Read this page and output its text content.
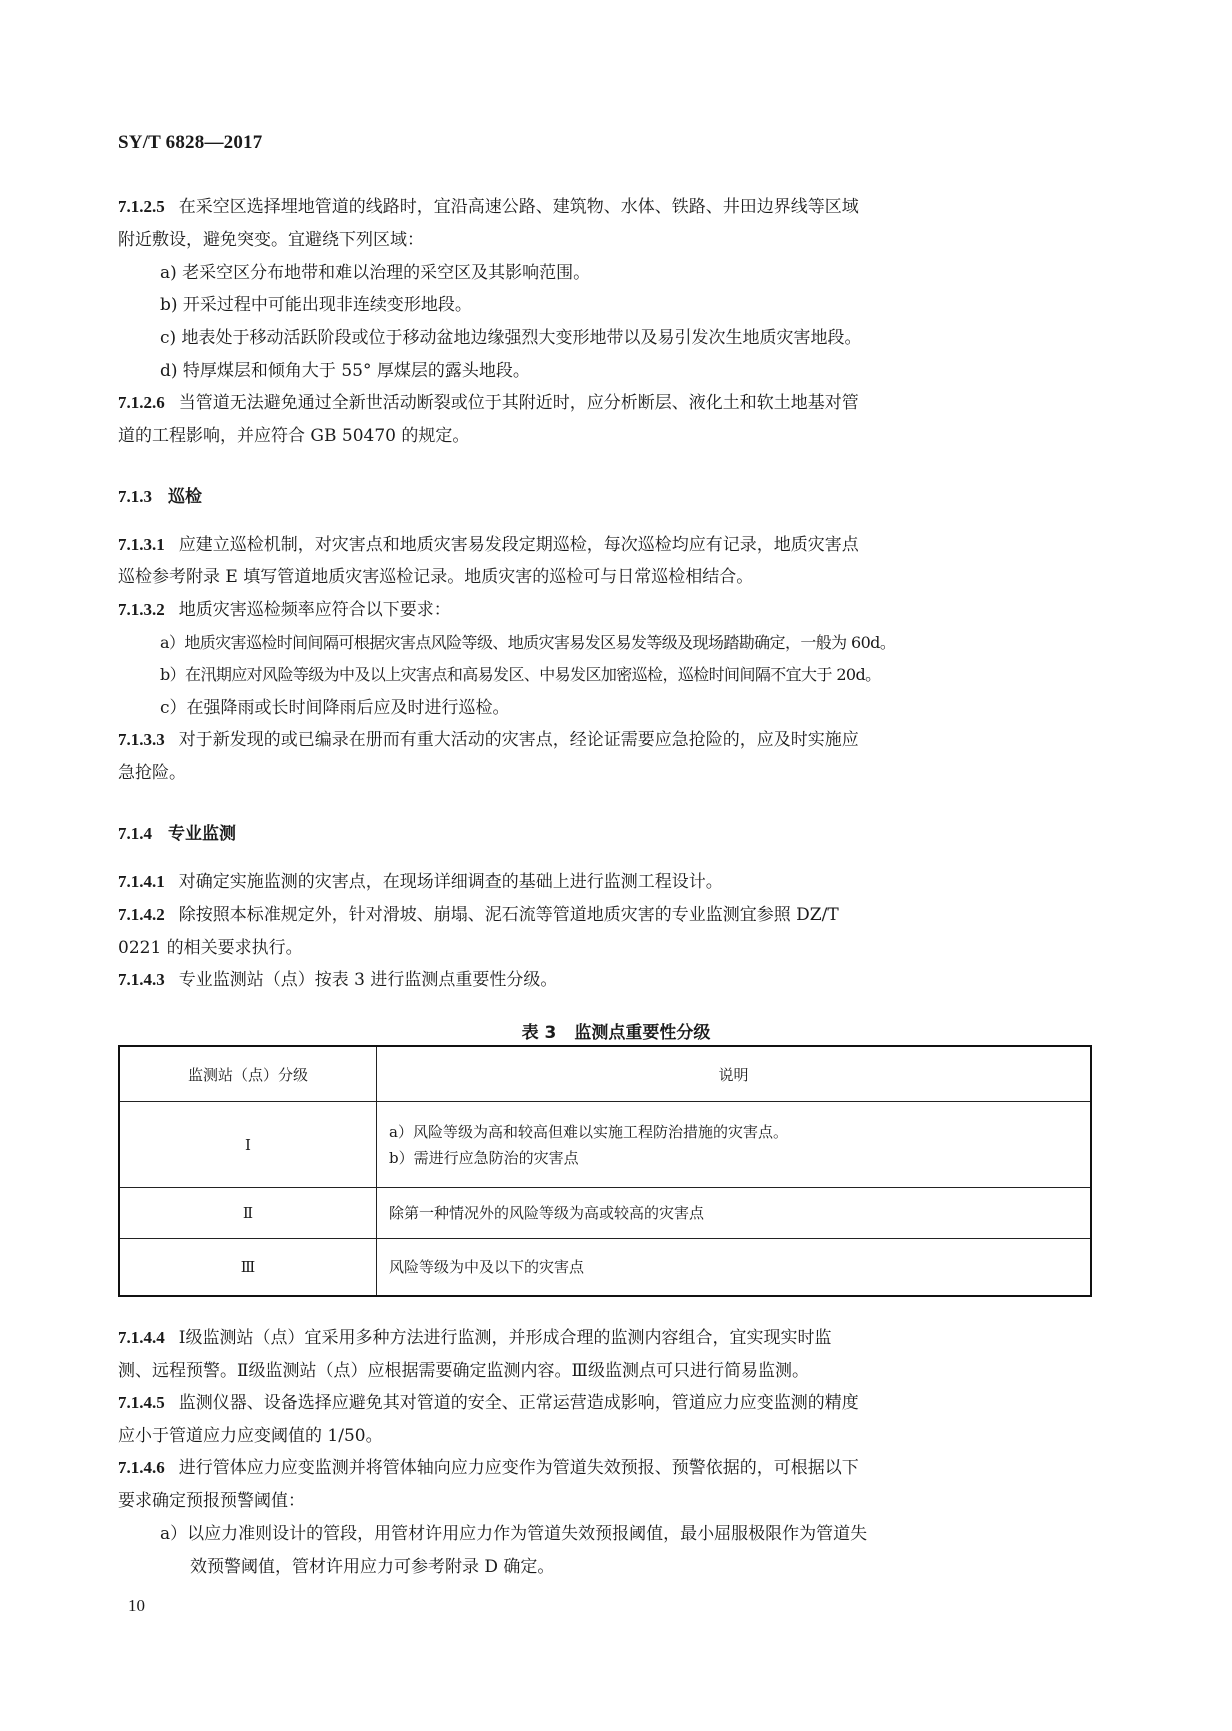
SY/T 6828—2017
7.1.2.5 在采空区选择埋地管道的线路时，宜沿高速公路、建筑物、水体、铁路、井田边界线等区域
附近敷设，避免突变。宜避绕下列区域：
a) 老采空区分布地带和难以治理的采空区及其影响范围。
b) 开采过程中可能出现非连续变形地段。
c) 地表处于移动活跃阶段或位于移动盆地边缘强烈大变形地带以及易引发次生地质灾害地段。
d) 特厚煤层和倾角大于 55° 厚煤层的露头地段。
7.1.2.6 当管道无法避免通过全新世活动断裂或位于其附近时，应分析断层、液化土和软土地基对管
道的工程影响，并应符合 GB 50470 的规定。
7.1.3 巡检
7.1.3.1 应建立巡检机制，对灾害点和地质灾害易发段定期巡检，每次巡检均应有记录，地质灾害点
巡检参考附录 E 填写管道地质灾害巡检记录。地质灾害的巡检可与日常巡检相结合。
7.1.3.2 地质灾害巡检频率应符合以下要求：
a）地质灾害巡检时间间隔可根据灾害点风险等级、地质灾害易发区易发等级及现场踏勘确定，一般为 60d。
b）在汛期应对风险等级为中及以上灾害点和高易发区、中易发区加密巡检，巡检时间间隔不宜大于 20d。
c）在强降雨或长时间降雨后应及时进行巡检。
7.1.3.3 对于新发现的或已编录在册而有重大活动的灾害点，经论证需要应急抢险的，应及时实施应
急抢险。
7.1.4 专业监测
7.1.4.1 对确定实施监测的灾害点，在现场详细调查的基础上进行监测工程设计。
7.1.4.2 除按照本标准规定外，针对滑坡、崩塌、泥石流等管道地质灾害的专业监测宜参照 DZ/T
0221 的相关要求执行。
7.1.4.3 专业监测站（点）按表 3 进行监测点重要性分级。
表 3 监测点重要性分级
监测站（点）分级	说明
Ⅰ	a）风险等级为高和较高但难以实施工程防治措施的灾害点。
b）需进行应急防治的灾害点

Ⅱ	除第一种情况外的风险等级为高或较高的灾害点
Ⅲ	风险等级为中及以下的灾害点
7.1.4.4 Ⅰ级监测站（点）宜采用多种方法进行监测，并形成合理的监测内容组合，宜实现实时监
测、远程预警。Ⅱ级监测站（点）应根据需要确定监测内容。Ⅲ级监测点可只进行简易监测。
7.1.4.5 监测仪器、设备选择应避免其对管道的安全、正常运营造成影响，管道应力应变监测的精度
应小于管道应力应变阈值的 1/50。
7.1.4.6 进行管体应力应变监测并将管体轴向应力应变作为管道失效预报、预警依据的，可根据以下
要求确定预报预警阈值：
a）以应力准则设计的管段，用管材许用应力作为管道失效预报阈值，最小屈服极限作为管道失
效预警阈值，管材许用应力可参考附录 D 确定。
10
